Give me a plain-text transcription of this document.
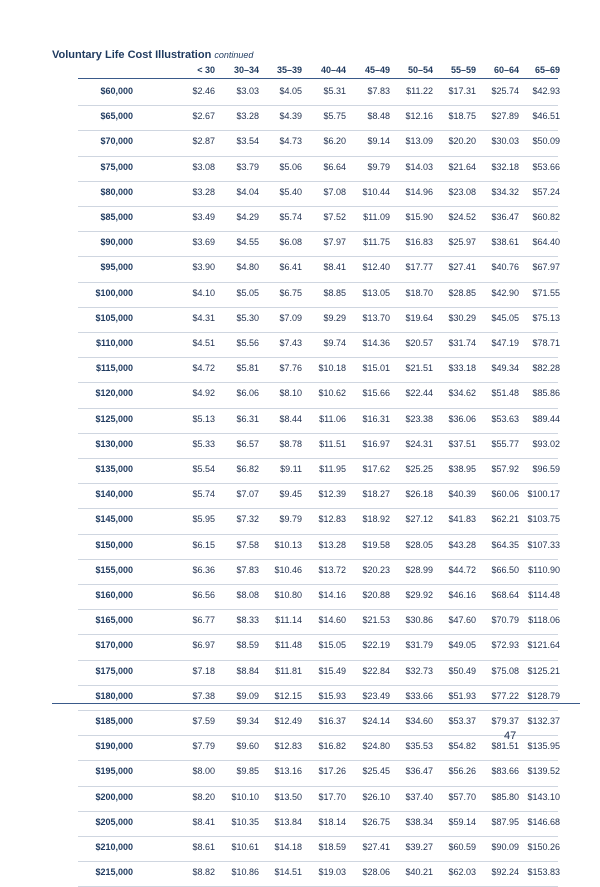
Voluntary Life Cost Illustration continued
< 30 30–34 35–39 40–44 45–49 50–54 55–59 60–64 65–69
$60,000	$2.46 $3.03 $4.05 $5.31 $7.83 $11.22 $17.31 $25.74 $42.93
$65,000	$2.67 $3.28 $4.39 $5.75 $8.48 $12.16 $18.75 $27.89 $46.51
$70,000	$2.87 $3.54 $4.73 $6.20 $9.14 $13.09 $20.20 $30.03 $50.09
$75,000	$3.08 $3.79 $5.06 $6.64 $9.79 $14.03 $21.64 $32.18 $53.66
$80,000	$3.28 $4.04 $5.40 $7.08 $10.44 $14.96 $23.08 $34.32 $57.24
$85,000	$3.49 $4.29 $5.74 $7.52 $11.09 $15.90 $24.52 $36.47 $60.82
$90,000	$3.69 $4.55 $6.08 $7.97 $11.75 $16.83 $25.97 $38.61 $64.40
$95,000	$3.90 $4.80 $6.41 $8.41 $12.40 $17.77 $27.41 $40.76 $67.97
$100,000	$4.10 $5.05 $6.75 $8.85 $13.05 $18.70 $28.85 $42.90 $71.55
$105,000	$4.31 $5.30 $7.09 $9.29 $13.70 $19.64 $30.29 $45.05 $75.13
$110,000	$4.51 $5.56 $7.43 $9.74 $14.36 $20.57 $31.74 $47.19 $78.71
$115,000	$4.72 $5.81 $7.76 $10.18 $15.01 $21.51 $33.18 $49.34 $82.28
$120,000	$4.92 $6.06 $8.10 $10.62 $15.66 $22.44 $34.62 $51.48 $85.86
$125,000	$5.13 $6.31 $8.44 $11.06 $16.31 $23.38 $36.06 $53.63 $89.44
$130,000	$5.33 $6.57 $8.78 $11.51 $16.97 $24.31 $37.51 $55.77 $93.02
$135,000	$5.54 $6.82 $9.11 $11.95 $17.62 $25.25 $38.95 $57.92 $96.59
$140,000	$5.74 $7.07 $9.45 $12.39 $18.27 $26.18 $40.39 $60.06 $100.17
$145,000	$5.95 $7.32 $9.79 $12.83 $18.92 $27.12 $41.83 $62.21 $103.75
$150,000	$6.15 $7.58 $10.13 $13.28 $19.58 $28.05 $43.28 $64.35 $107.33
$155,000	$6.36 $7.83 $10.46 $13.72 $20.23 $28.99 $44.72 $66.50 $110.90
$160,000	$6.56 $8.08 $10.80 $14.16 $20.88 $29.92 $46.16 $68.64 $114.48
$165,000	$6.77 $8.33 $11.14 $14.60 $21.53 $30.86 $47.60 $70.79 $118.06
$170,000	$6.97 $8.59 $11.48 $15.05 $22.19 $31.79 $49.05 $72.93 $121.64
$175,000	$7.18 $8.84 $11.81 $15.49 $22.84 $32.73 $50.49 $75.08 $125.21
$180,000	$7.38 $9.09 $12.15 $15.93 $23.49 $33.66 $51.93 $77.22 $128.79
$185,000	$7.59 $9.34 $12.49 $16.37 $24.14 $34.60 $53.37 $79.37 $132.37
$190,000	$7.79 $9.60 $12.83 $16.82 $24.80 $35.53 $54.82 $81.51 $135.95
$195,000	$8.00 $9.85 $13.16 $17.26 $25.45 $36.47 $56.26 $83.66 $139.52
$200,000	$8.20 $10.10 $13.50 $17.70 $26.10 $37.40 $57.70 $85.80 $143.10
$205,000	$8.41 $10.35 $13.84 $18.14 $26.75 $38.34 $59.14 $87.95 $146.68
$210,000	$8.61 $10.61 $14.18 $18.59 $27.41 $39.27 $60.59 $90.09 $150.26
$215,000	$8.82 $10.86 $14.51 $19.03 $28.06 $40.21 $62.03 $92.24 $153.83
47
